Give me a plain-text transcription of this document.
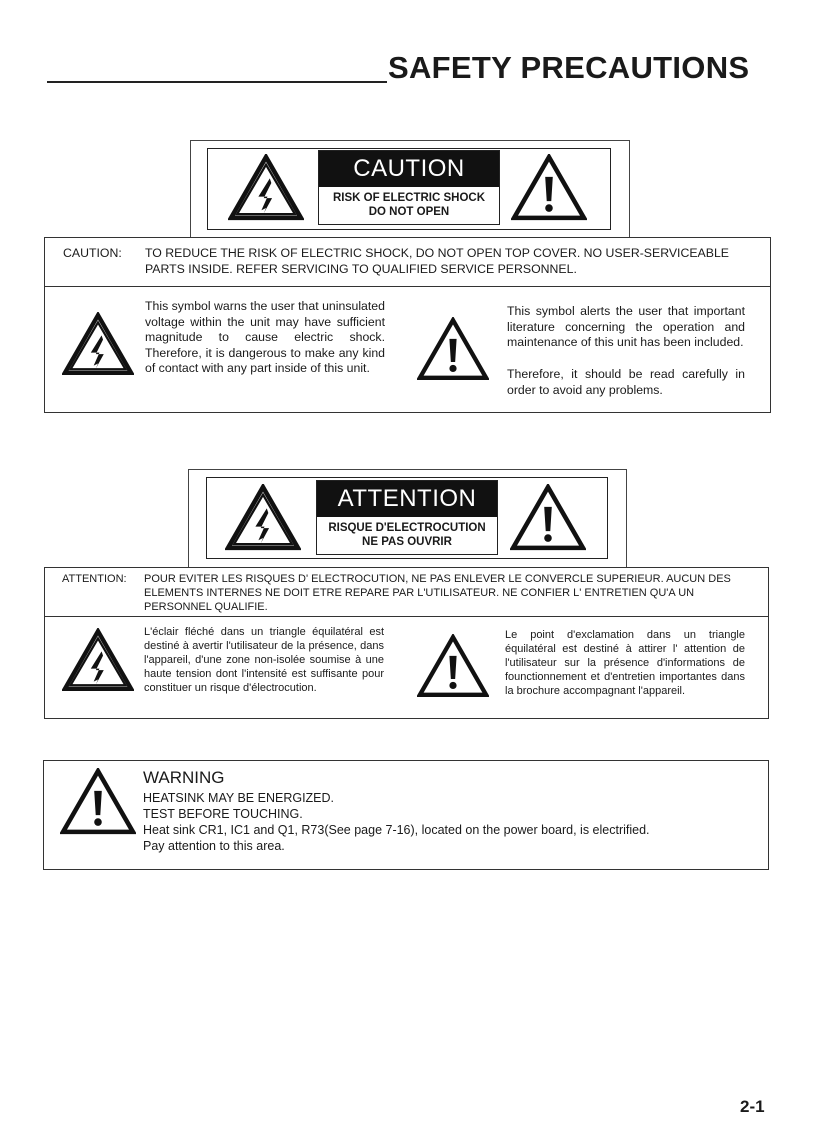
SAFETY PRECAUTIONS
CAUTION
RISK OF ELECTRIC SHOCK
DO NOT OPEN
CAUTION: TO REDUCE THE RISK OF ELECTRIC SHOCK, DO NOT OPEN TOP COVER. NO USER-SERVICEABLE PARTS INSIDE. REFER SERVICING TO QUALIFIED SERVICE PERSONNEL.
This symbol warns the user that uninsulated voltage within the unit may have sufficient magnitude to cause electric shock. Therefore, it is dangerous to make any kind of contact with any part inside of this unit.
This symbol alerts the user that important literature concerning the operation and maintenance of this unit has been included.
Therefore, it should be read carefully in order to avoid any problems.
ATTENTION
RISQUE D'ELECTROCUTION
NE PAS OUVRIR
ATTENTION: POUR EVITER LES RISQUES D' ELECTROCUTION, NE PAS ENLEVER LE CONVERCLE SUPERIEUR. AUCUN DES ELEMENTS INTERNES NE DOIT ETRE REPARE PAR L'UTILISATEUR. NE CONFIER L' ENTRETIEN QU'A UN PERSONNEL QUALIFIE.
L'éclair fléché dans un triangle équilatéral est destiné à avertir l'utilisateur de la présence, dans l'appareil, d'une zone non-isolée soumise à une haute tension dont l'intensité est suffisante pour constituer un risque d'électrocution.
Le point d'exclamation dans un triangle équilatéral est destiné à attirer l' attention de l'utilisateur sur la présence d'informations de founctionnement et d'entretien importantes dans la brochure accompagnant l'appareil.
WARNING
HEATSINK MAY BE ENERGIZED.
TEST BEFORE TOUCHING.
Heat sink CR1, IC1 and Q1, R73(See page 7-16), located on the power board, is electrified.
Pay attention to this area.
2-1
